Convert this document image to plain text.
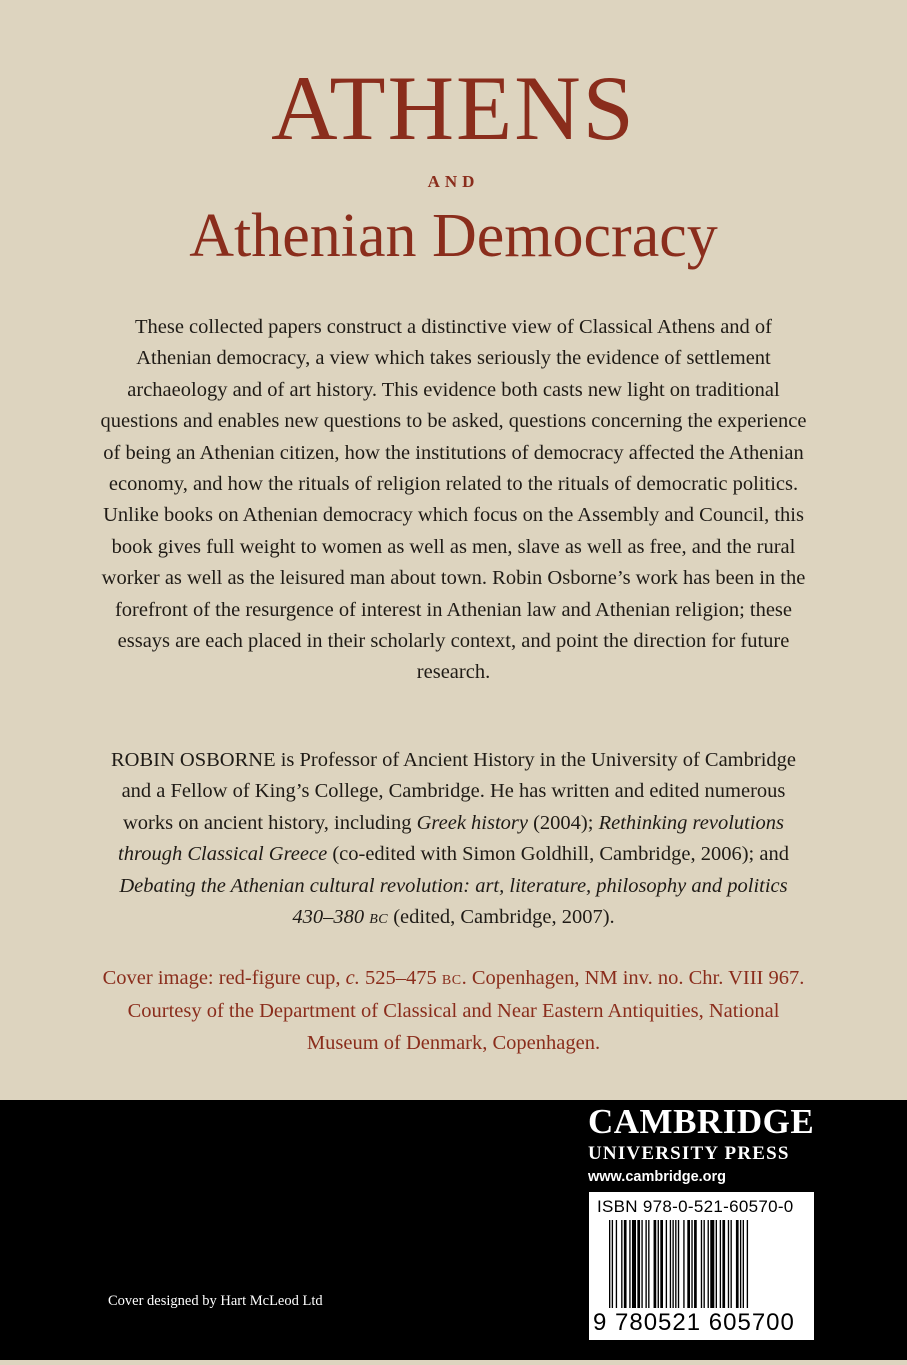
ATHENS
AND
Athenian Democracy
These collected papers construct a distinctive view of Classical Athens and of Athenian democracy, a view which takes seriously the evidence of settlement archaeology and of art history. This evidence both casts new light on traditional questions and enables new questions to be asked, questions concerning the experience of being an Athenian citizen, how the institutions of democracy affected the Athenian economy, and how the rituals of religion related to the rituals of democratic politics. Unlike books on Athenian democracy which focus on the Assembly and Council, this book gives full weight to women as well as men, slave as well as free, and the rural worker as well as the leisured man about town. Robin Osborne’s work has been in the forefront of the resurgence of interest in Athenian law and Athenian religion; these essays are each placed in their scholarly context, and point the direction for future research.
ROBIN OSBORNE is Professor of Ancient History in the University of Cambridge and a Fellow of King’s College, Cambridge. He has written and edited numerous works on ancient history, including Greek history (2004); Rethinking revolutions through Classical Greece (co-edited with Simon Goldhill, Cambridge, 2006); and Debating the Athenian cultural revolution: art, literature, philosophy and politics 430–380 BC (edited, Cambridge, 2007).
Cover image: red-figure cup, c. 525–475 BC. Copenhagen, NM inv. no. Chr. VIII 967. Courtesy of the Department of Classical and Near Eastern Antiquities, National Museum of Denmark, Copenhagen.
Cover designed by Hart McLeod Ltd
CAMBRIDGE
UNIVERSITY PRESS
www.cambridge.org
ISBN 978-0-521-60570-0
9 780521 605700 >
